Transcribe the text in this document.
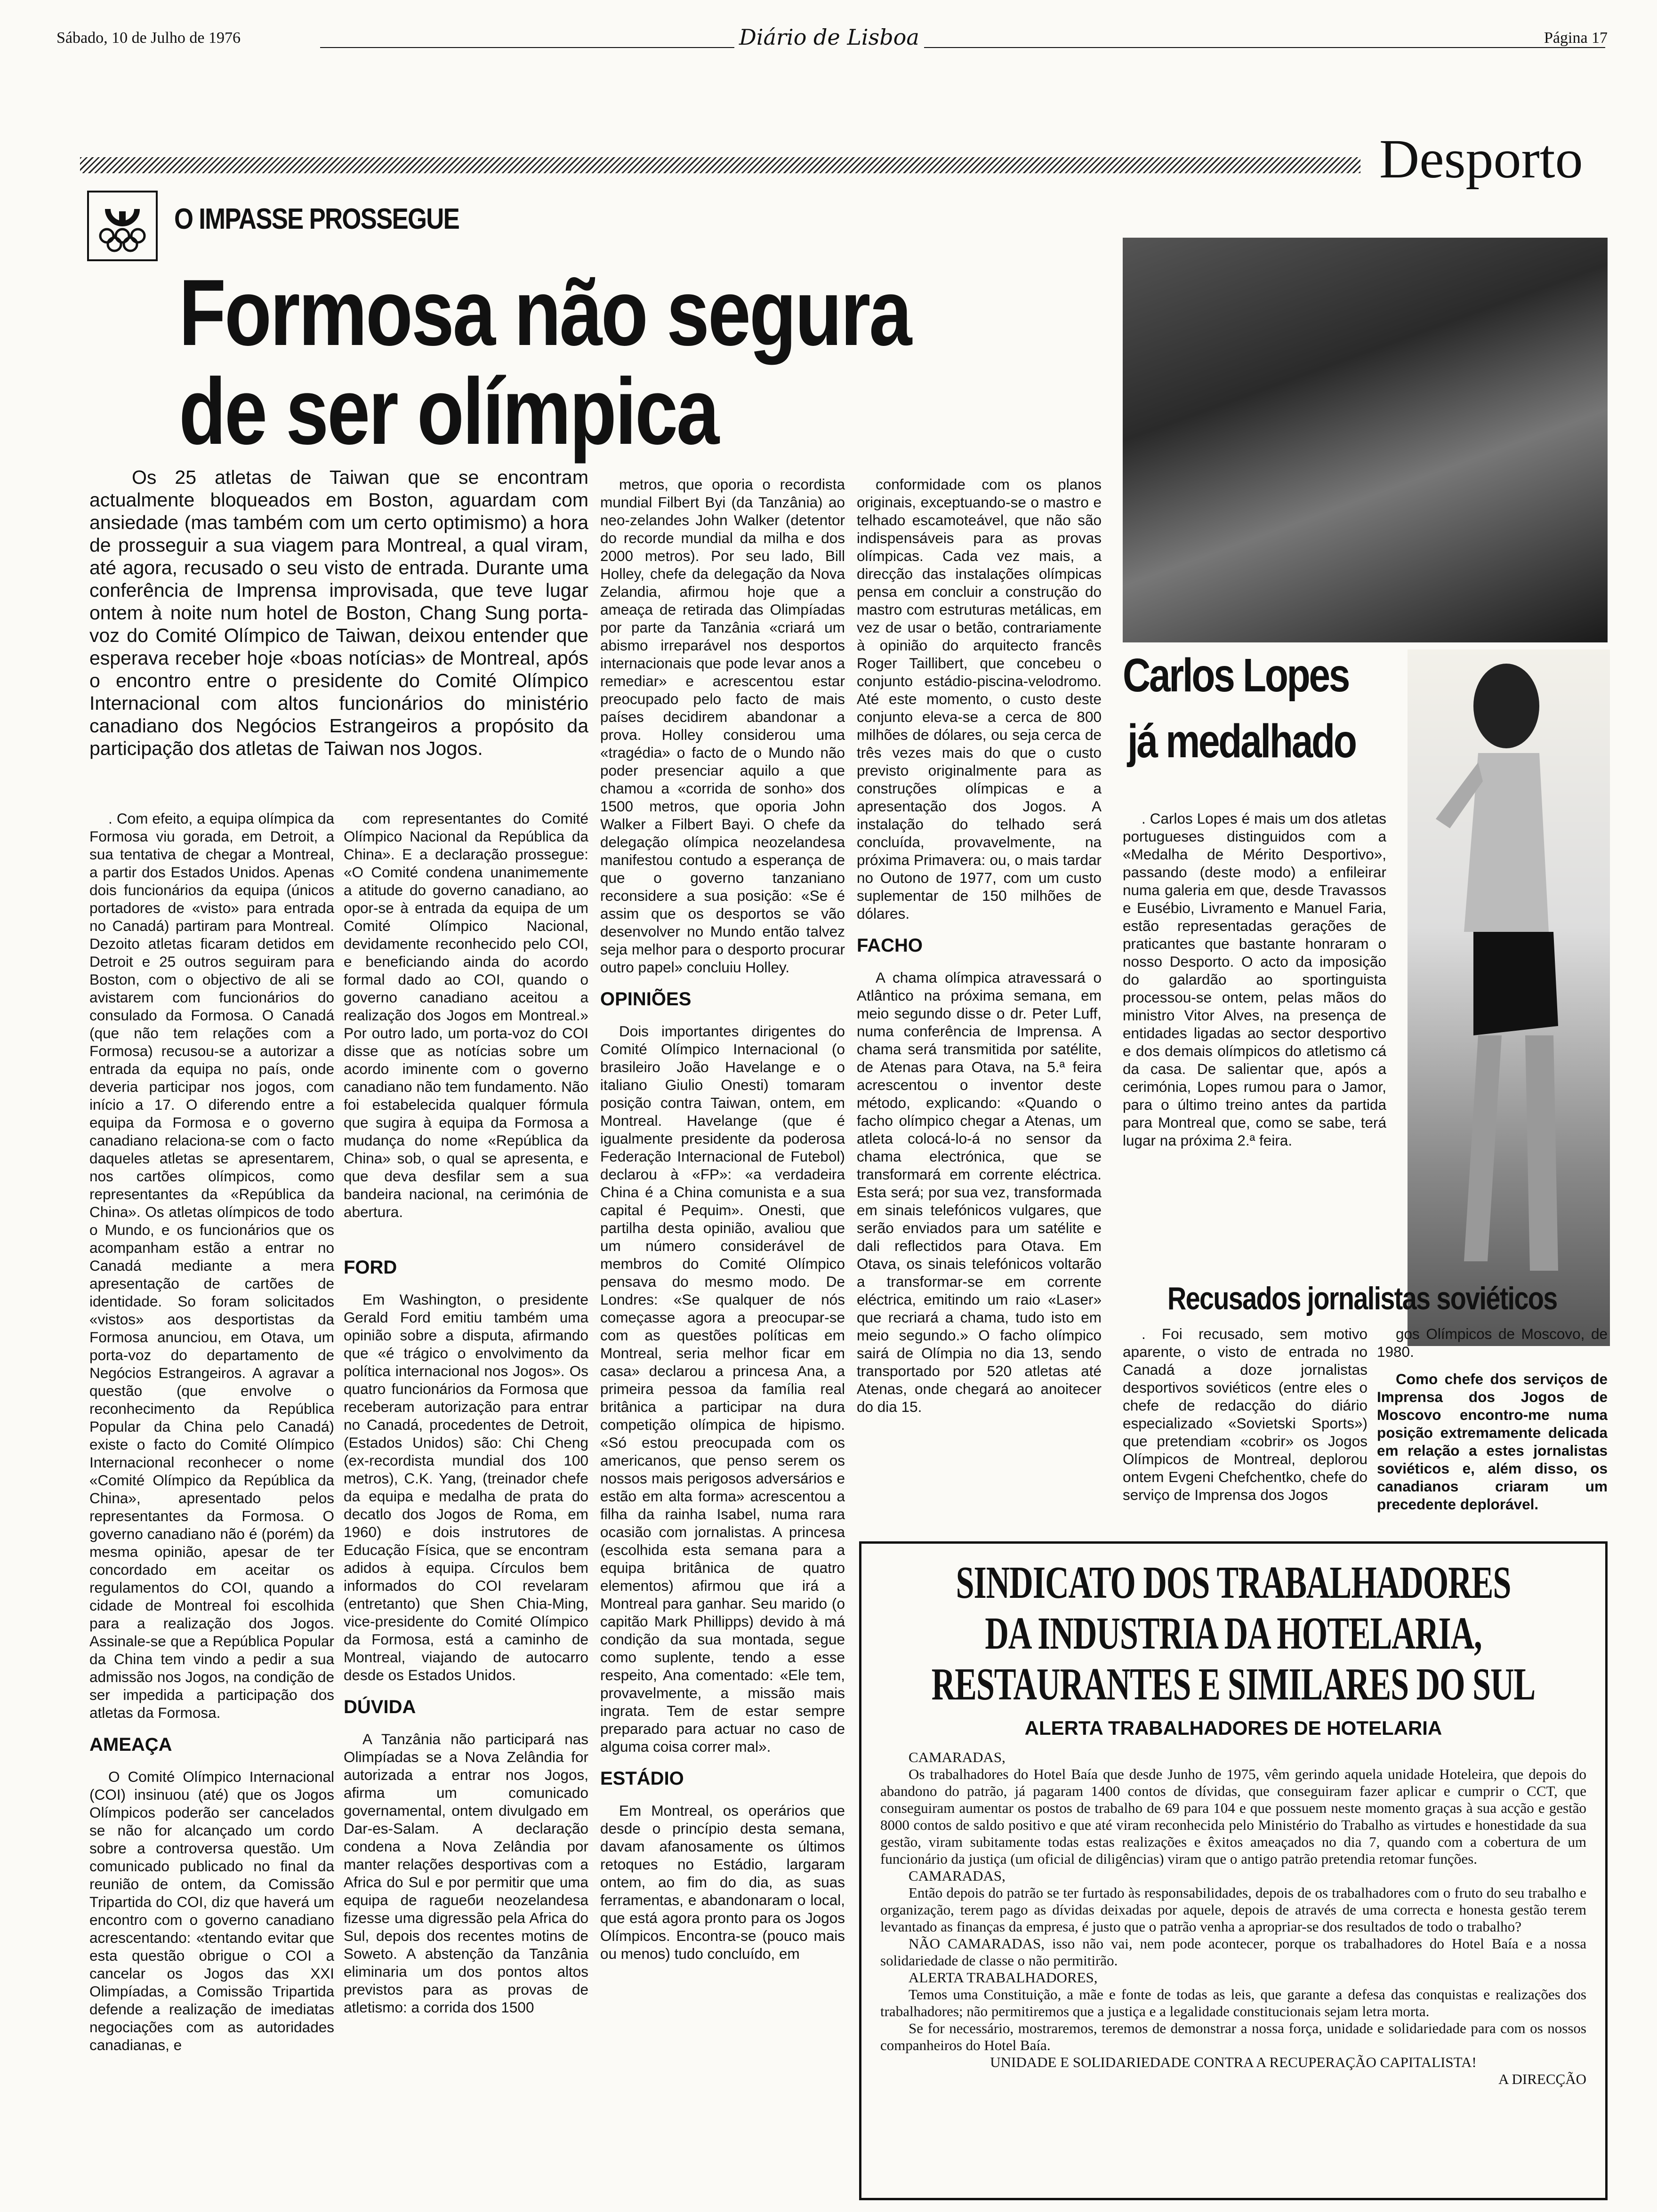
Sábado, 10 de Julho de 1976	Diário de Lisboa	Página 17
Desporto
O IMPASSE PROSSEGUE
Formosa não segura
de ser olímpica
Os 25 atletas de Taiwan que se encontram actualmente bloqueados em Boston, aguardam com ansiedade (mas também com um certo optimismo) a hora de prosseguir a sua viagem para Montreal, a qual viram, até agora, recusado o seu visto de entrada. Durante uma conferência de Imprensa improvisada, que teve lugar ontem à noite num hotel de Boston, Chang Sung porta-voz do Comité Olímpico de Taiwan, deixou entender que esperava receber hoje «boas notícias» de Montreal, após o encontro entre o presidente do Comité Olímpico Internacional com altos funcionários do ministério canadiano dos Negócios Estrangeiros a propósito da participação dos atletas de Taiwan nos Jogos.

. Com efeito, a equipa olímpica da Formosa viu gorada, em Detroit, a sua tentativa de chegar a Montreal, a partir dos Estados Unidos. Apenas dois funcionários da equipa (únicos portadores de «visto» para entrada no Canadá) partiram para Montreal. Dezoito atletas ficaram detidos em Detroit e 25 outros seguiram para Boston, com o objectivo de ali se avistarem com funcionários do consulado da Formosa. O Canadá (que não tem relações com a Formosa) recusou-se a autorizar a entrada da equipa no país, onde deveria participar nos jogos, com início a 17. O diferendo entre a equipa da Formosa e o governo canadiano relaciona-se com o facto daqueles atletas se apresentarem, nos cartões olímpicos, como representantes da «República da China». Os atletas olímpicos de todo o Mundo, e os funcionários que os acompanham estão a entrar no Canadá mediante a mera apresentação de cartões de identidade. So foram solicitados «vistos» aos desportistas da Formosa anunciou, em Otava, um porta-voz do departamento de Negócios Estrangeiros. A agravar a questão (que envolve o reconhecimento da República Popular da China pelo Canadá) existe o facto do Comité Olímpico Internacional reconhecer o nome «Comité Olímpico da República da China», apresentado pelos representantes da Formosa. O governo canadiano não é (porém) da mesma opinião, apesar de ter concordado em aceitar os regulamentos do COI, quando a cidade de Montreal foi escolhida para a realização dos Jogos. Assinale-se que a República Popular da China tem vindo a pedir a sua admissão nos Jogos, na condição de ser impedida a participação dos atletas da Formosa.

AMEAÇA

O Comité Olímpico Internacional (COI) insinuou (até) que os Jogos Olímpicos poderão ser cancelados se não for alcançado um cordo sobre a controversa questão. Um comunicado publicado no final da reunião de ontem, da Comissão Tripartida do COI, diz que haverá um encontro com o governo canadiano acrescentando: «tentando evitar que esta questão obrigue o COI a cancelar os Jogos das XXI Olimpíadas, a Comissão Tripartida defende a realização de imediatas negociações com as autoridades canadianas, e

com representantes do Comité Olímpico Nacional da República da China». E a declaração prossegue: «O Comité condena unanimemente a atitude do governo canadiano, ao opor-se à entrada da equipa de um Comité Olímpico Nacional, devidamente reconhecido pelo COI, e beneficiando ainda do acordo formal dado ao COI, quando o governo canadiano aceitou a realização dos Jogos em Montreal.» Por outro lado, um porta-voz do COI disse que as notícias sobre um acordo iminente com o governo canadiano não tem fundamento. Não foi estabelecida qualquer fórmula que sugira à equipa da Formosa a mudança do nome «República da China» sob, o qual se apresenta, e que deva desfilar sem a sua bandeira nacional, na cerimónia de abertura.

FORD

Em Washington, o presidente Gerald Ford emitiu também uma opinião sobre a disputa, afirmando que «é trágico o envolvimento da política internacional nos Jogos». Os quatro funcionários da Formosa que receberam autorização para entrar no Canadá, procedentes de Detroit, (Estados Unidos) são: Chi Cheng (ex-recordista mundial dos 100 metros), C.K. Yang, (treinador chefe da equipa e medalha de prata do decatlo dos Jogos de Roma, em 1960) e dois instrutores de Educação Física, que se encontram adidos à equipa. Círculos bem informados do COI revelaram (entretanto) que Shen Chia-Ming, vice-presidente do Comité Olímpico da Formosa, está a caminho de Montreal, viajando de autocarro desde os Estados Unidos.

DÚVIDA

A Tanzânia não participará nas Olimpíadas se a Nova Zelândia for autorizada a entrar nos Jogos, afirma um comunicado governamental, ontem divulgado em Dar-es-Salam. A declaração condena a Nova Zelândia por manter relações desportivas com a Africa do Sul e por permitir que uma equipa de ragueби neozelandesa fizesse uma digressão pela Africa do Sul, depois dos recentes motins de Soweto. A abstenção da Tanzânia eliminaria um dos pontos altos previstos para as provas de atletismo: a corrida dos 1500

metros, que oporia o recordista mundial Filbert Byi (da Tanzânia) ao neo-zelandes John Walker (detentor do recorde mundial da milha e dos 2000 metros). Por seu lado, Bill Holley, chefe da delegação da Nova Zelandia, afirmou hoje que a ameaça de retirada das Olimpíadas por parte da Tanzânia «criará um abismo irreparável nos desportos internacionais que pode levar anos a remediar» e acrescentou estar preocupado pelo facto de mais países decidirem abandonar a prova. Holley considerou uma «tragédia» o facto de o Mundo não poder presenciar aquilo a que chamou a «corrida de sonho» dos 1500 metros, que oporia John Walker a Filbert Bayi. O chefe da delegação olímpica neozelandesa manifestou contudo a esperança de que o governo tanzaniano reconsidere a sua posição: «Se é assim que os desportos se vão desenvolver no Mundo então talvez seja melhor para o desporto procurar outro papel» concluiu Holley.

OPINIÕES

Dois importantes dirigentes do Comité Olímpico Internacional (o brasileiro João Havelange e o italiano Giulio Onesti) tomaram posição contra Taiwan, ontem, em Montreal. Havelange (que é igualmente presidente da poderosa Federação Internacional de Futebol) declarou à «FP»: «a verdadeira China é a China comunista e a sua capital é Pequim». Onesti, que partilha desta opinião, avaliou que um número considerável de membros do Comité Olímpico pensava do mesmo modo. De Londres: «Se qualquer de nós começasse agora a preocupar-se com as questões políticas em Montreal, seria melhor ficar em casa» declarou a princesa Ana, a primeira pessoa da família real britânica a participar na dura competição olímpica de hipismo. «Só estou preocupada com os americanos, que penso serem os nossos mais perigosos adversários e estão em alta forma» acrescentou a filha da rainha Isabel, numa rara ocasião com jornalistas. A princesa (escolhida esta semana para a equipa britânica de quatro elementos) afirmou que irá a Montreal para ganhar. Seu marido (o capitão Mark Phillipps) devido à má condição da sua montada, segue como suplente, tendo a esse respeito, Ana comentado: «Ele tem, provavelmente, a missão mais ingrata. Tem de estar sempre preparado para actuar no caso de alguma coisa correr mal».

ESTÁDIO

Em Montreal, os operários que desde o princípio desta semana, davam afanosamente os últimos retoques no Estádio, largaram ontem, ao fim do dia, as suas ferramentas, e abandonaram o local, que está agora pronto para os Jogos Olímpicos. Encontra-se (pouco mais ou menos) tudo concluído, em

conformidade com os planos originais, exceptuando-se o mastro e telhado escamoteável, que não são indispensáveis para as provas olímpicas. Cada vez mais, a direcção das instalações olímpicas pensa em concluir a construção do mastro com estruturas metálicas, em vez de usar o betão, contrariamente à opinião do arquitecto francês Roger Taillibert, que concebeu o conjunto estádio-piscina-velodromo. Até este momento, o custo deste conjunto eleva-se a cerca de 800 milhões de dólares, ou seja cerca de três vezes mais do que o custo previsto originalmente para as construções olímpicas e a apresentação dos Jogos. A instalação do telhado será concluída, provavelmente, na próxima Primavera: ou, o mais tardar no Outono de 1977, com um custo suplementar de 150 milhões de dólares.

FACHO

A chama olímpica atravessará o Atlântico na próxima semana, em meio segundo disse o dr. Peter Luff, numa conferência de Imprensa. A chama será transmitida por satélite, de Atenas para Otava, na 5.ª feira acrescentou o inventor deste método, explicando: «Quando o facho olímpico chegar a Atenas, um atleta colocá-lo-á no sensor da chama electrónica, que se transformará em corrente eléctrica. Esta será; por sua vez, transformada em sinais telefónicos vulgares, que serão enviados para um satélite e dali reflectidos para Otava. Em Otava, os sinais telefónicos voltarão a transformar-se em corrente eléctrica, emitindo um raio «Laser» que recriará a chama, tudo isto em meio segundo.» O facho olímpico sairá de Olímpia no dia 13, sendo transportado por 520 atletas até Atenas, onde chegará ao anoitecer do dia 15.

Carlos Lopes
já medalhado

. Carlos Lopes é mais um dos atletas portugueses distinguidos com a «Medalha de Mérito Desportivo», passando (deste modo) a enfileirar numa galeria em que, desde Travassos e Eusébio, Livramento e Manuel Faria, estão representadas gerações de praticantes que bastante honraram o nosso Desporto. O acto da imposição do galardão ao sportinguista processou-se ontem, pelas mãos do ministro Vitor Alves, na presença de entidades ligadas ao sector desportivo e dos demais olímpicos do atletismo cá da casa. De salientar que, após a cerimónia, Lopes rumou para o Jamor, para o último treino antes da partida para Montreal que, como se sabe, terá lugar na próxima 2.ª feira.

Recusados jornalistas soviéticos

. Foi recusado, sem motivo aparente, o visto de entrada no Canadá a doze jornalistas desportivos soviéticos (entre eles o chefe de redacção do diário especializado «Sovietski Sports») que pretendiam «cobrir» os Jogos Olímpicos de Montreal, deplorou ontem Evgeni Chefchentko, chefe do serviço de Imprensa dos Jogos

gos Olímpicos de Moscovo, de 1980.

Como chefe dos serviços de Imprensa dos Jogos de Moscovo encontro-me numa posição extremamente delicada em relação a estes jornalistas soviéticos e, além disso, os canadianos criaram um precedente deplorável.

SINDICATO DOS TRABALHADORES
DA INDUSTRIA DA HOTELARIA,
RESTAURANTES E SIMILARES DO SUL
ALERTA TRABALHADORES DE HOTELARIA

CAMARADAS,

Os trabalhadores do Hotel Baía que desde Junho de 1975, vêm gerindo aquela unidade Hoteleira, que depois do abandono do patrão, já pagaram 1400 contos de dívidas, que conseguiram fazer aplicar e cumprir o CCT, que conseguiram aumentar os postos de trabalho de 69 para 104 e que possuem neste momento graças à sua acção e gestão 8000 contos de saldo positivo e que até viram reconhecida pelo Ministério do Trabalho as virtudes e honestidade da sua gestão, viram subitamente todas estas realizações e êxitos ameaçados no dia 7, quando com a cobertura de um funcionário da justiça (um oficial de diligências) viram que o antigo patrão pretendia retomar funções.

CAMARADAS,

Então depois do patrão se ter furtado às responsabilidades, depois de os trabalhadores com o fruto do seu trabalho e organização, terem pago as dívidas deixadas por aquele, depois de através de uma correcta e honesta gestão terem levantado as finanças da empresa, é justo que o patrão venha a apropriar-se dos resultados de todo o trabalho?

NÃO CAMARADAS, isso não vai, nem pode acontecer, porque os trabalhadores do Hotel Baía e a nossa solidariedade de classe o não permitirão.

ALERTA TRABALHADORES,

Temos uma Constituição, a mãe e fonte de todas as leis, que garante a defesa das conquistas e realizações dos trabalhadores; não permitiremos que a justiça e a legalidade constitucionais sejam letra morta.

Se for necessário, mostraremos, teremos de demonstrar a nossa força, unidade e solidariedade para com os nossos companheiros do Hotel Baía.

UNIDADE E SOLIDARIEDADE CONTRA A RECUPERAÇÃO CAPITALISTA!

A DIRECÇÃO
